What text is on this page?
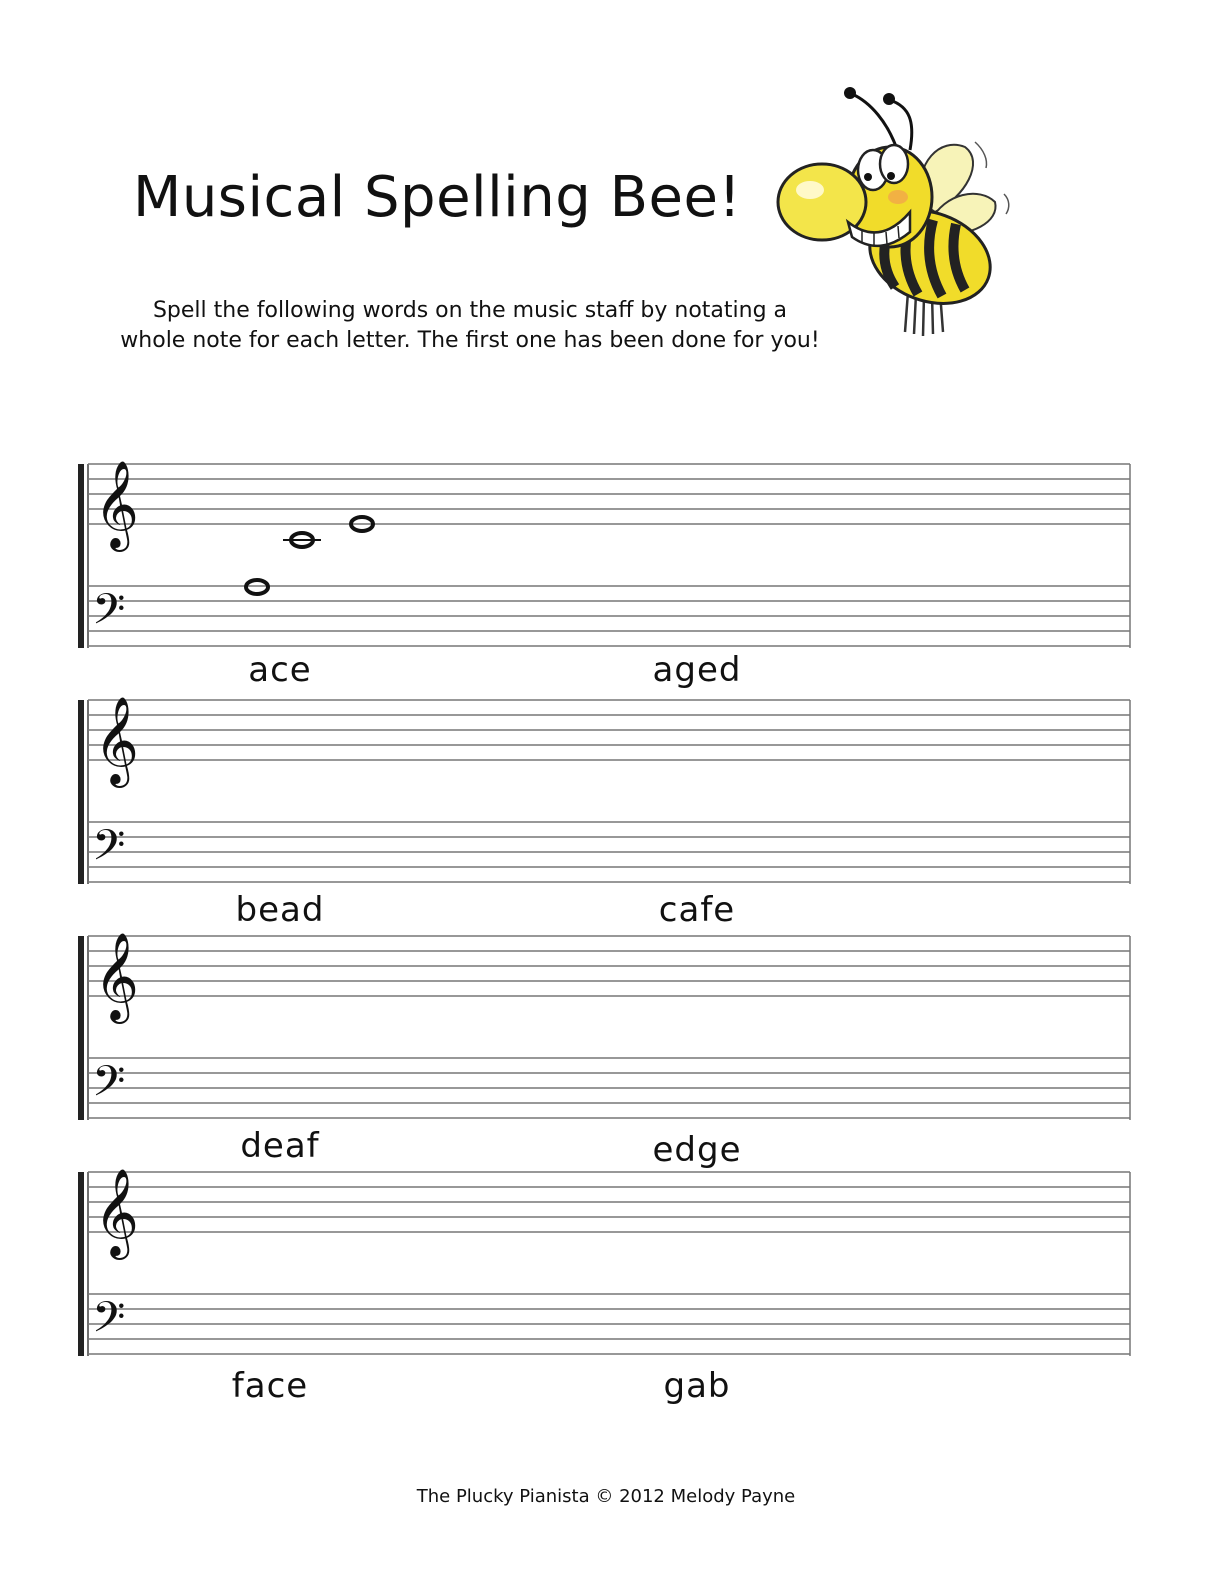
Musical Spelling Bee!
Spell the following words on the music staff by notating a
whole note for each letter. The first one has been done for you!
𝄞
𝄢
ace	aged
𝄞
𝄢
bead	cafe
𝄞
𝄢
deaf	edge
𝄞
𝄢
face	gab
The Plucky Pianista © 2012 Melody Payne
